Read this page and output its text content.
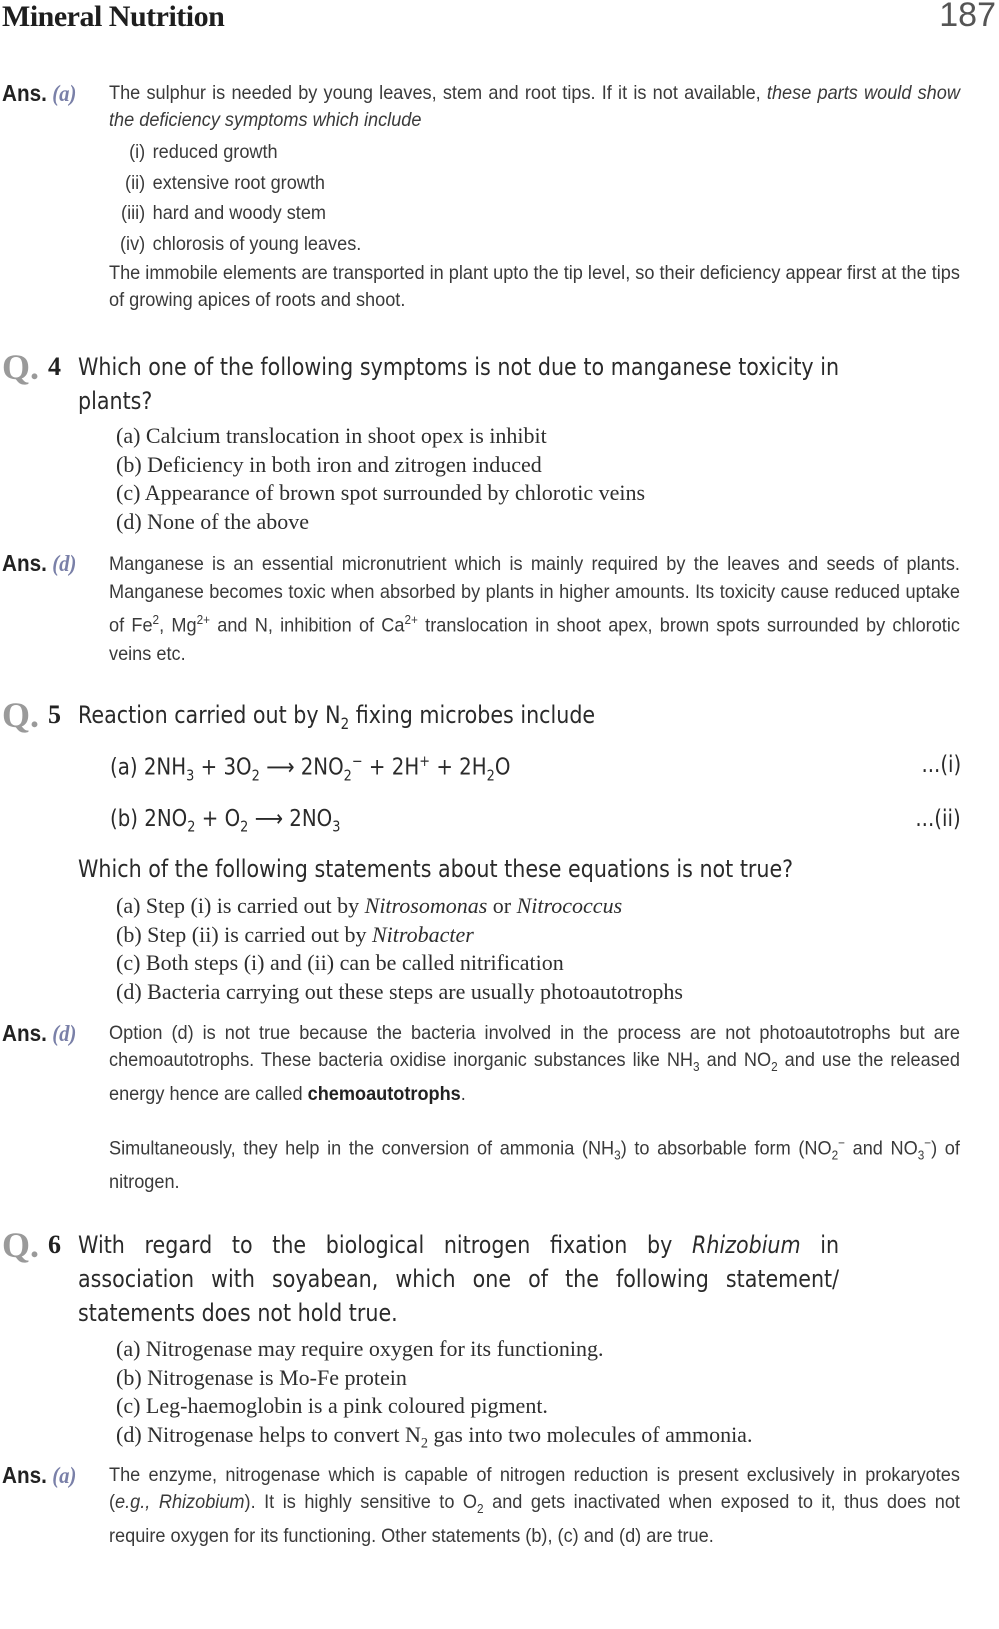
Mineral Nutrition	187
Ans. (a) The sulphur is needed by young leaves, stem and root tips. If it is not available, these parts would show the deficiency symptoms which include
(i) reduced growth
(ii) extensive root growth
(iii) hard and woody stem
(iv) chlorosis of young leaves.
The immobile elements are transported in plant upto the tip level, so their deficiency appear first at the tips of growing apices of roots and shoot.
Q. 4 Which one of the following symptoms is not due to manganese toxicity in plants?
(a) Calcium translocation in shoot opex is inhibit
(b) Deficiency in both iron and zitrogen induced
(c) Appearance of brown spot surrounded by chlorotic veins
(d) None of the above
Ans. (d) Manganese is an essential micronutrient which is mainly required by the leaves and seeds of plants. Manganese becomes toxic when absorbed by plants in higher amounts. Its toxicity cause reduced uptake of Fe$^2$, $Mg^{2+}$ and N, inhibition of $Ca^{2+}$ translocation in shoot apex, brown spots surrounded by chlorotic veins etc.
Q. 5 Reaction carried out by $N_2$ fixing microbes include
(a) $2NH_3 + 3O_2$ ⟶ $2NO_2^- + 2H^+ + 2H_2O$	...(i)
(b) $2NO_2 + O_2$ ⟶ $2NO_3$	...(ii)
Which of the following statements about these equations is not true?
(a) Step (i) is carried out by Nitrosomonas or Nitrococcus
(b) Step (ii) is carried out by Nitrobacter
(c) Both steps (i) and (ii) can be called nitrification
(d) Bacteria carrying out these steps are usually photoautotrophs
Ans. (d) Option (d) is not true because the bacteria involved in the process are not photoautotrophs but are chemoautotrophs. These bacteria oxidise inorganic substances like $NH_3$ and $NO_2$ and use the released energy hence are called chemoautotrophs.
Simultaneously, they help in the conversion of ammonia $(NH_3)$ to absorbable form ($NO_2^-$ and $NO_3^-$) of nitrogen.
Q. 6 With regard to the biological nitrogen fixation by Rhizobium in association with soyabean, which one of the following statement/ statements does not hold true.
(a) Nitrogenase may require oxygen for its functioning.
(b) Nitrogenase is Mo-Fe protein
(c) Leg-haemoglobin is a pink coloured pigment.
(d) Nitrogenase helps to convert $N_2$ gas into two molecules of ammonia.
Ans. (a) The enzyme, nitrogenase which is capable of nitrogen reduction is present exclusively in prokaryotes (e.g., Rhizobium). It is highly sensitive to $O_2$ and gets inactivated when exposed to it, thus does not require oxygen for its functioning. Other statements (b), (c) and (d) are true.
